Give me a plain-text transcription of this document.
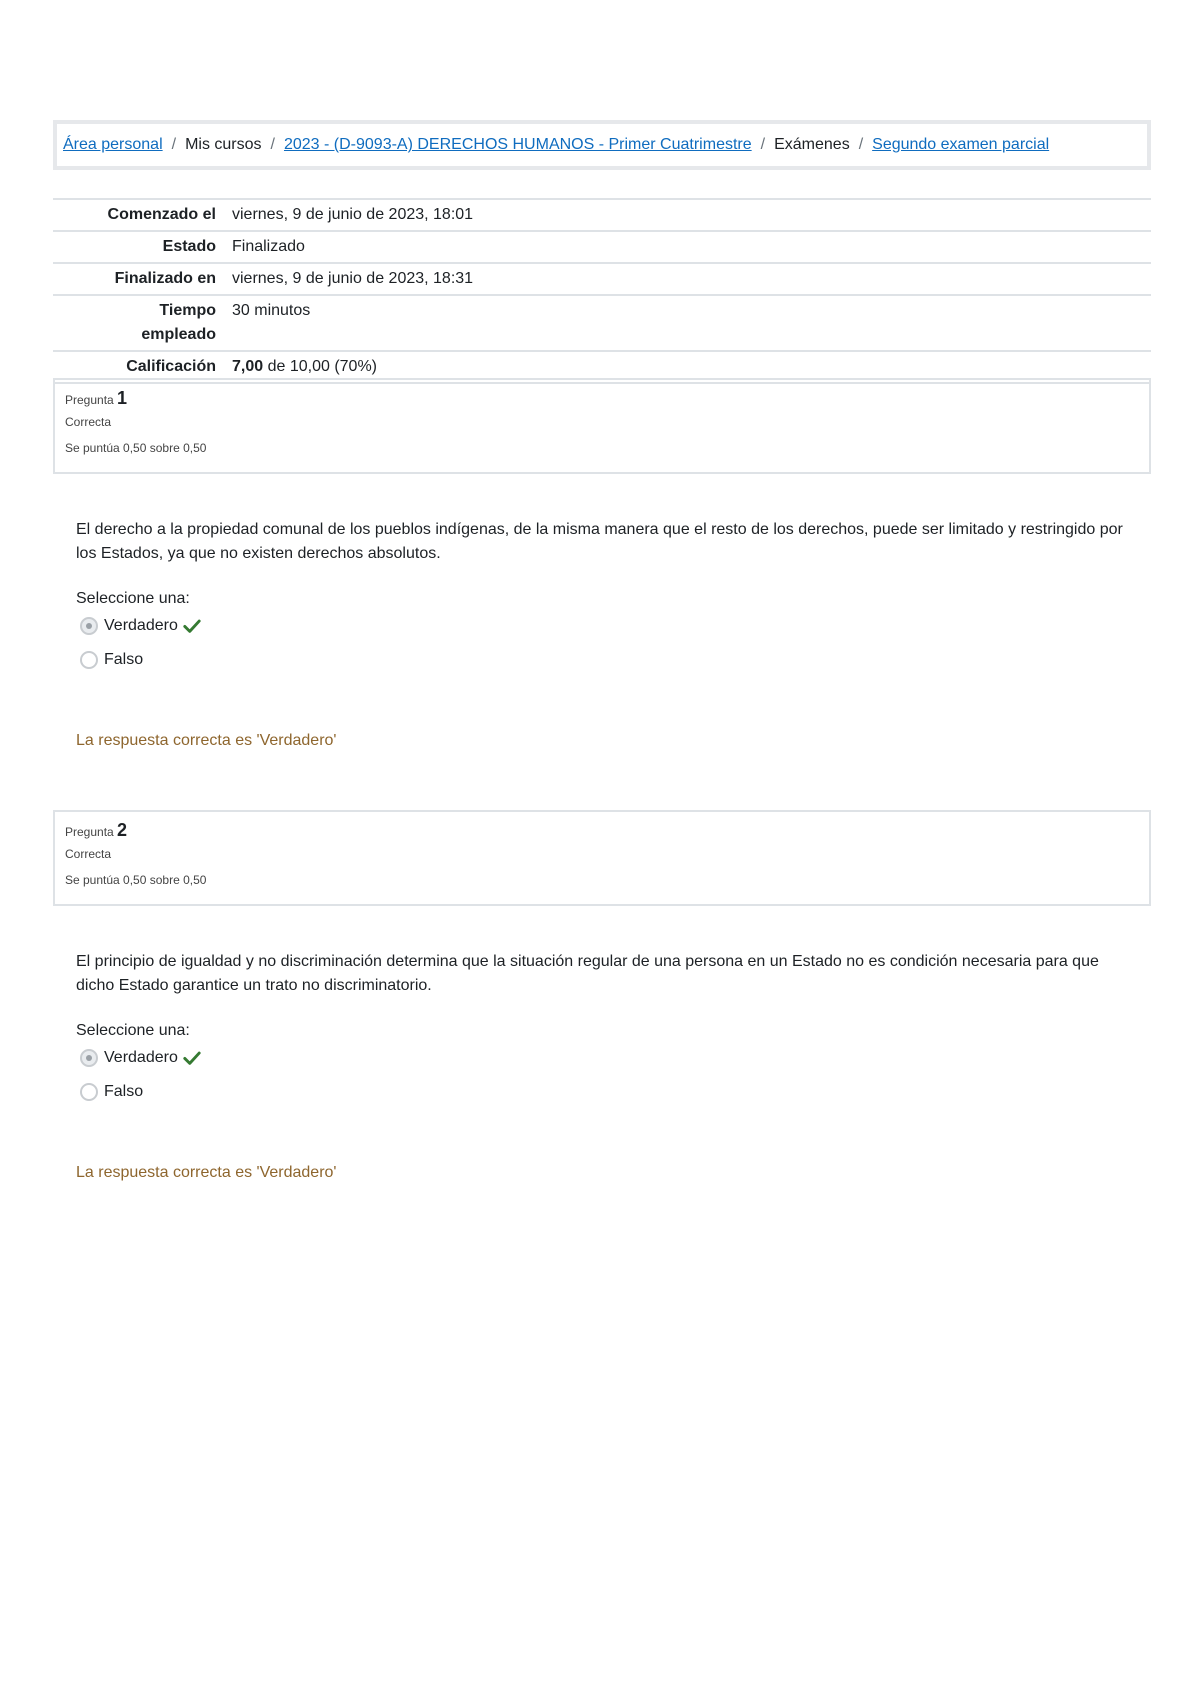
Área personal / Mis cursos / 2023 - (D-9093-A) DERECHOS HUMANOS - Primer Cuatrimestre / Exámenes / Segundo examen parcial
Comenzado el	viernes, 9 de junio de 2023, 18:01
Estado	Finalizado
Finalizado en	viernes, 9 de junio de 2023, 18:31
Tiempo
empleado	30 minutos
Calificación	7,00 de 10,00 (70%)
Pregunta 1
Correcta
Se puntúa 0,50 sobre 0,50
El derecho a la propiedad comunal de los pueblos indígenas, de la misma manera que el resto de los derechos, puede ser limitado y restringido por los Estados, ya que no existen derechos absolutos.
Seleccione una:
Verdadero
Falso
La respuesta correcta es 'Verdadero'
Pregunta 2
Correcta
Se puntúa 0,50 sobre 0,50
El principio de igualdad y no discriminación determina que la situación regular de una persona en un Estado no es condición necesaria para que dicho Estado garantice un trato no discriminatorio.
Seleccione una:
Verdadero
Falso
La respuesta correcta es 'Verdadero'
